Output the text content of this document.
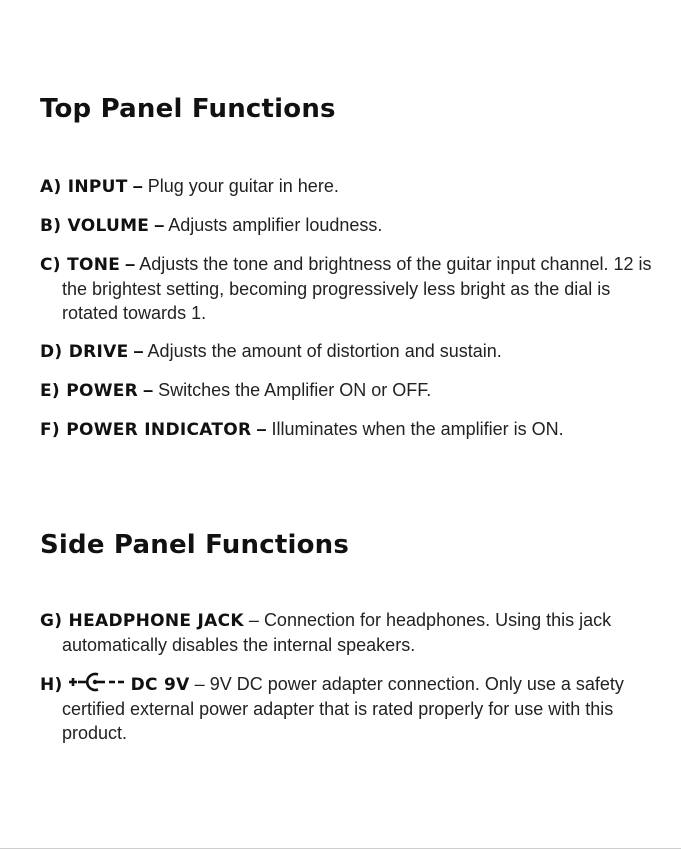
Top Panel Functions
A) INPUT – Plug your guitar in here.
B) VOLUME – Adjusts amplifier loudness.
C) TONE – Adjusts the tone and brightness of the guitar input channel. 12 is the brightest setting, becoming progressively less bright as the dial is rotated towards 1.
D) DRIVE – Adjusts the amount of distortion and sustain.
E) POWER – Switches the Amplifier ON or OFF.
F) POWER INDICATOR – Illuminates when the amplifier is ON.
Side Panel Functions
G) HEADPHONE JACK – Connection for headphones. Using this jack automatically disables the internal speakers.
H)	DC 9V – 9V DC power adapter connection. Only use a safety certified external power adapter that is rated properly for use with this product.
